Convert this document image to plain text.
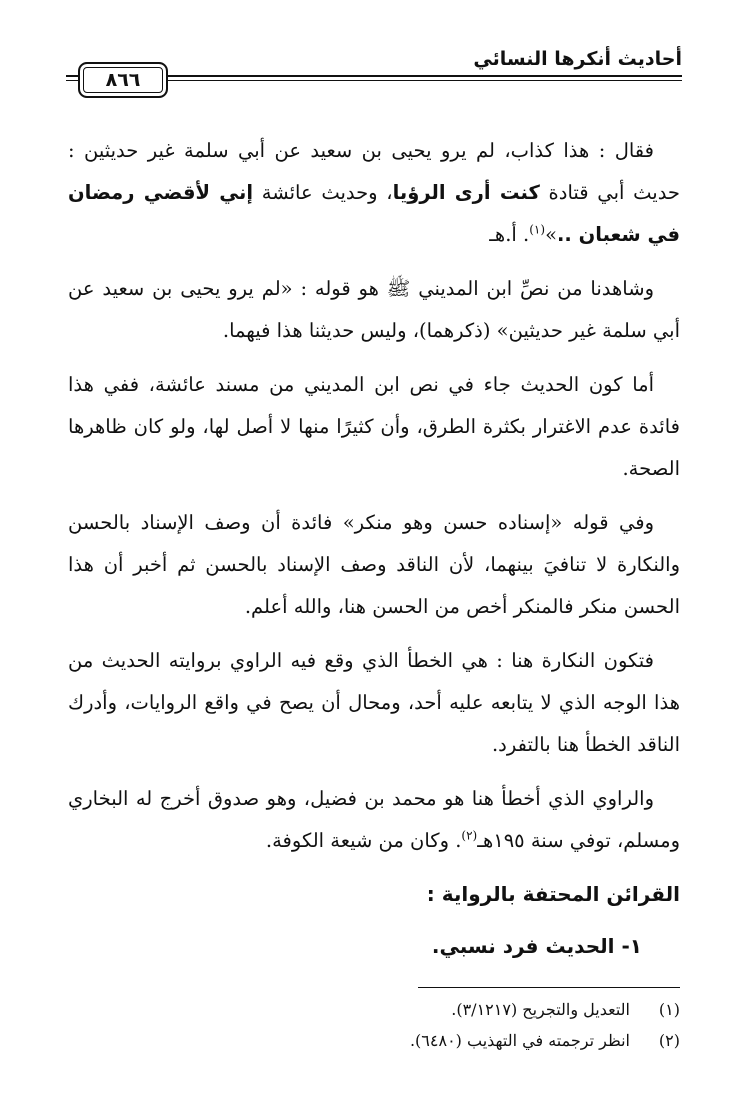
أحاديث أنكرها النسائي
٨٦٦

فقال : هذا كذاب، لم يرو يحيى بن سعيد عن أبي سلمة غير حديثين : حديث أبي قتادة كنت أرى الرؤيا، وحديث عائشة إني لأقضي رمضان في شعبان ..»$^{(١)}$. أ.هـ

وشاهدنا من نصِّ ابن المديني ﷺ هو قوله : «لم يرو يحيى بن سعيد عن أبي سلمة غير حديثين» (ذكرهما)، وليس حديثنا هذا فيهما.

أما كون الحديث جاء في نص ابن المديني من مسند عائشة، ففي هذا فائدة عدم الاغترار بكثرة الطرق، وأن كثيرًا منها لا أصل لها، ولو كان ظاهرها الصحة.

وفي قوله «إسناده حسن وهو منكر» فائدة أن وصف الإسناد بالحسن والنكارة لا تنافيَ بينهما، لأن الناقد وصف الإسناد بالحسن ثم أخبر أن هذا الحسن منكر فالمنكر أخص من الحسن هنا، والله أعلم.

فتكون النكارة هنا : هي الخطأ الذي وقع فيه الراوي بروايته الحديث من هذا الوجه الذي لا يتابعه عليه أحد، ومحال أن يصح في واقع الروايات، وأدرك الناقد الخطأ هنا بالتفرد.

والراوي الذي أخطأ هنا هو محمد بن فضيل، وهو صدوق أخرج له البخاري ومسلم، توفي سنة ١٩٥هـ$^{(٢)}$. وكان من شيعة الكوفة.

القرائن المحتفة بالرواية :
١- الحديث فرد نسبي.
(١)
التعديل والتجريح (٣/١٢١٧).
(٢)
انظر ترجمته في التهذيب (٦٤٨٠).
